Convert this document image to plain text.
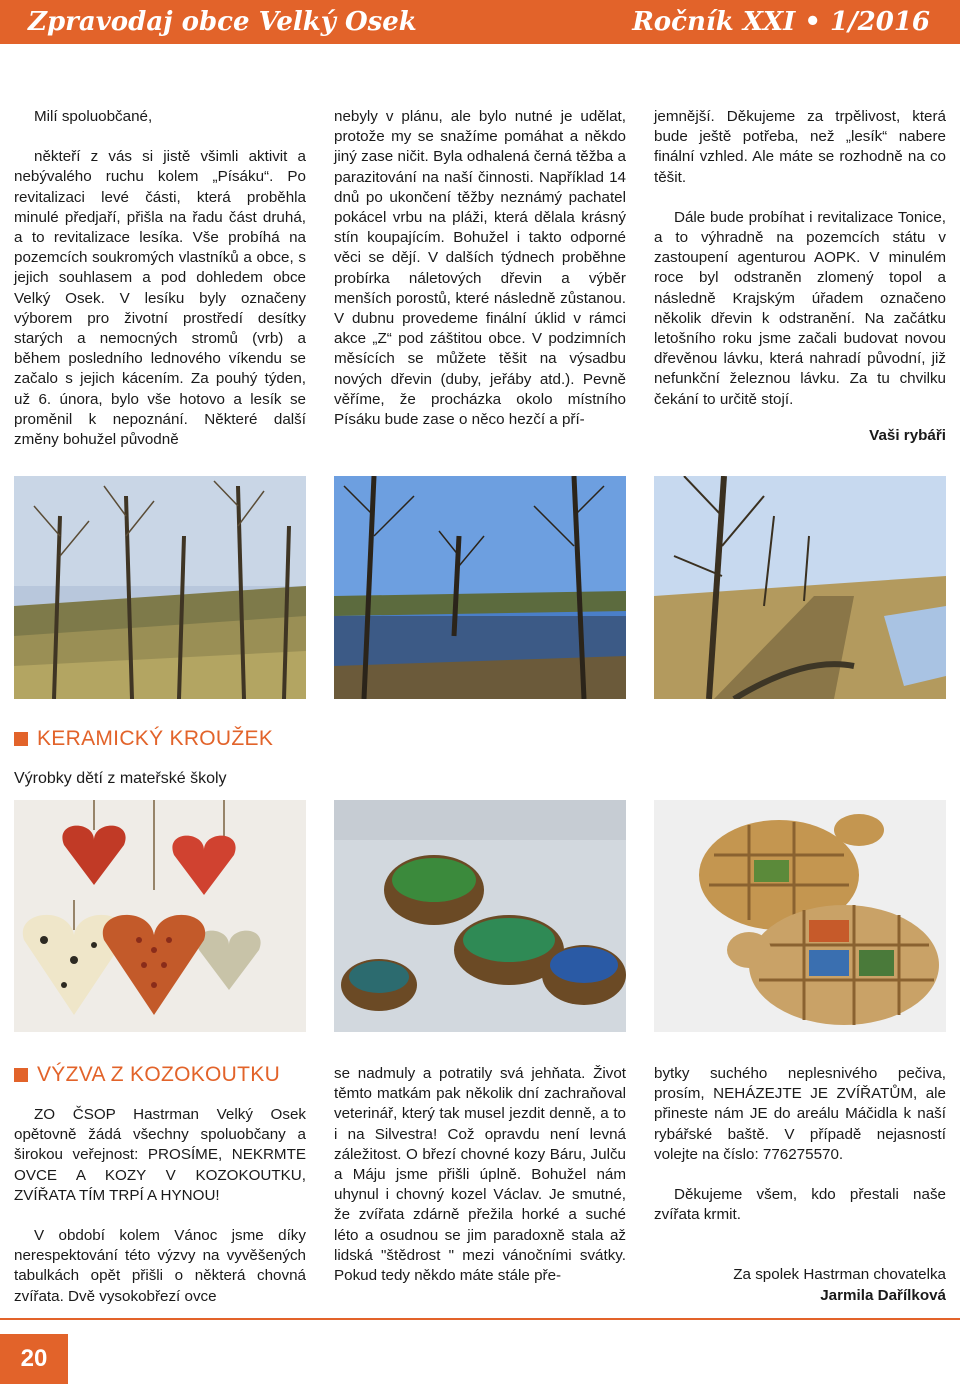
Zpravodaj obce Velký Osek	Ročník XXI • 1/2016

Milí spoluobčané,

někteří z vás si jistě všimli aktivit a nebývalého ruchu kolem „Písáku“. Po revitalizaci levé části, která proběhla minulé předjaří, přišla na řadu část druhá, a to revitalizace lesíka. Vše probíhá na pozemcích soukromých vlastníků a obce, s jejich souhlasem a pod dohledem obce Velký Osek. V lesíku byly označeny výborem pro životní prostředí desítky starých a nemocných stromů (vrb) a během posledního lednového víkendu se začalo s jejich kácením. Za pouhý týden, už 6. února, bylo vše hotovo a lesík se proměnil k nepoznání. Některé další změny bohužel původně

nebyly v plánu, ale bylo nutné je udělat, protože my se snažíme pomáhat a někdo jiný zase ničit. Byla odhalená černá těžba a parazitování na naší činnosti. Například 14 dnů po ukončení těžby neznámý pachatel pokácel vrbu na pláži, která dělala krásný stín koupajícím. Bohužel i takto odporné věci se dějí. V dalších týdnech proběhne probírka náletových dřevin a výběr menších porostů, které následně zůstanou. V dubnu provedeme finální úklid v rámci akce „Z“ pod záštitou obce. V podzimních měsících se můžete těšit na výsadbu nových dřevin (duby, jeřáby atd.). Pevně věříme, že procházka okolo místního Písáku bude zase o něco hezčí a pří-

jemnější. Děkujeme za trpělivost, která bude ještě potřeba, než „lesík“ nabere finální vzhled. Ale máte se rozhodně na co těšit.

Dále bude probíhat i revitalizace Tonice, a to výhradně na pozemcích státu v zastoupení agenturou AOPK. V minulém roce byl odstraněn zlomený topol a následně Krajským úřadem označeno několik dřevin k odstranění. Na začátku letošního roku jsme začali budovat novou dřevěnou lávku, která nahradí původní, již nefunkční železnou lávku. Za tu chvilku čekání to určitě stojí.

Vaši rybáři

KERAMICKÝ KROUŽEK
Výrobky dětí z mateřské školy
VÝZVA Z KOZOKOUTKU

ZO ČSOP Hastrman Velký Osek opětovně žádá všechny spoluobčany a širokou veřejnost: PROSÍME, NEKRMTE OVCE A KOZY V KOZOKOUTKU, ZVÍŘATA TÍM TRPÍ A HYNOU!

V období kolem Vánoc jsme díky nerespektování této výzvy na vyvěšených tabulkách opět přišli o některá chovná zvířata. Dvě vysokobřezí ovce

se nadmuly a potratily svá jehňata. Život těmto matkám pak několik dní zachraňoval veterinář, který tak musel jezdit denně, a to i na Silvestra! Což opravdu není levná záležitost. O březí chovné kozy Báru, Julču a Máju jsme přišli úplně. Bohužel nám uhynul i chovný kozel Václav. Je smutné, že zvířata zdárně přežila horké a suché léto a osudnou se jim paradoxně stala až lidská "štědrost " mezi vánočními svátky. Pokud tedy někdo máte stále pře-

bytky suchého neplesnivého pečiva, prosím, NEHÁZEJTE JE ZVÍŘATŮM, ale přineste nám JE do areálu Máčidla k naší rybářské baště. V případě nejasností volejte na číslo: 776275570.

Děkujeme všem, kdo přestali naše zvířata krmit.

Za spolek Hastrman chovatelka

Jarmila Dařílková

20
